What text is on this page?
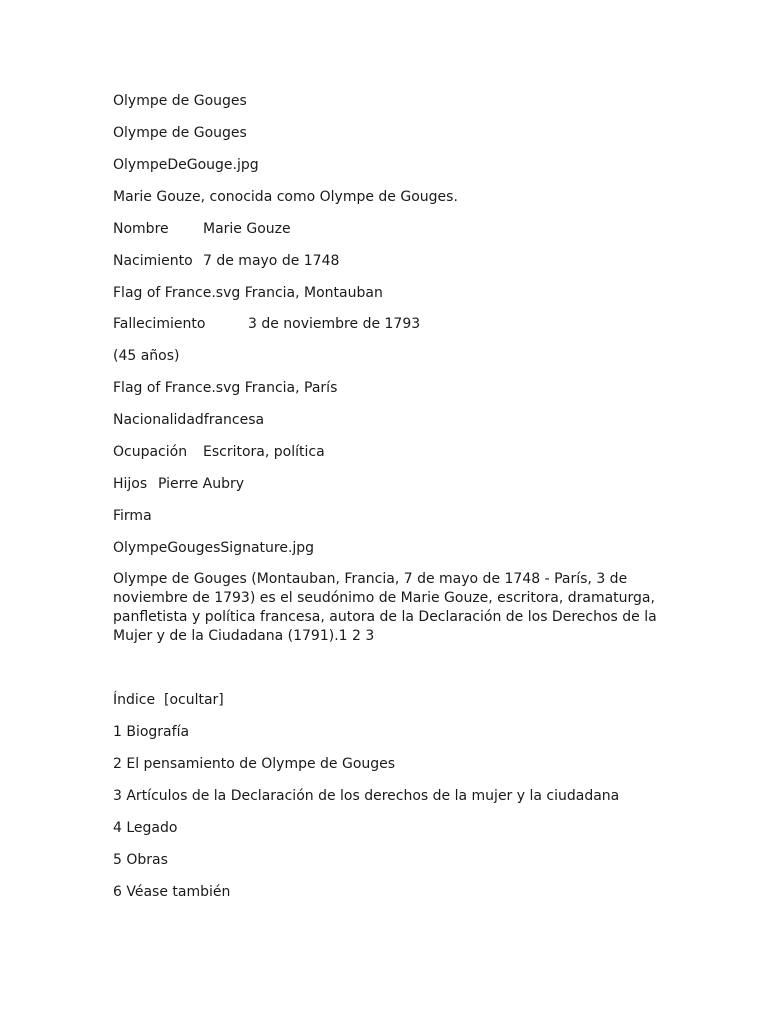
Olympe de Gouges
Olympe de Gouges
OlympeDeGouge.jpg
Marie Gouze, conocida como Olympe de Gouges.
Nombre Marie Gouze
Nacimiento 7 de mayo de 1748
Flag of France.svg Francia, Montauban
Fallecimiento	3 de noviembre de 1793
(45 años)
Flag of France.svg Francia, París
Nacionalidadfrancesa
Ocupación Escritora, política
Hijos Pierre Aubry
Firma
OlympeGougesSignature.jpg
Olympe de Gouges (Montauban, Francia, 7 de mayo de 1748 - París, 3 de noviembre de 1793) es el seudónimo de Marie Gouze, escritora, dramaturga, panfletista y política francesa, autora de la Declaración de los Derechos de la Mujer y de la Ciudadana (1791).1 2 3
Índice  [ocultar]
1 Biografía
2 El pensamiento de Olympe de Gouges
3 Artículos de la Declaración de los derechos de la mujer y la ciudadana
4 Legado
5 Obras
6 Véase también
